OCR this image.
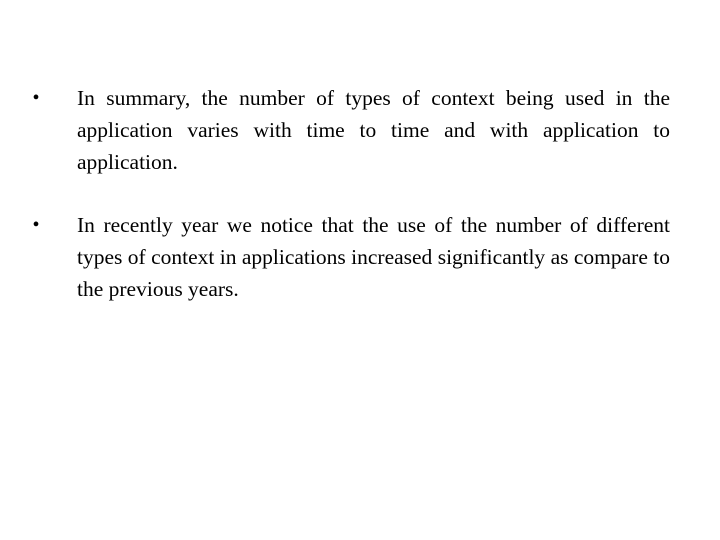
• In summary, the number of types of context being used in the application varies with time to time and with application to application.
• In recently year we notice that the use of the number of different types of context in applications increased significantly as compare to the previous years.
